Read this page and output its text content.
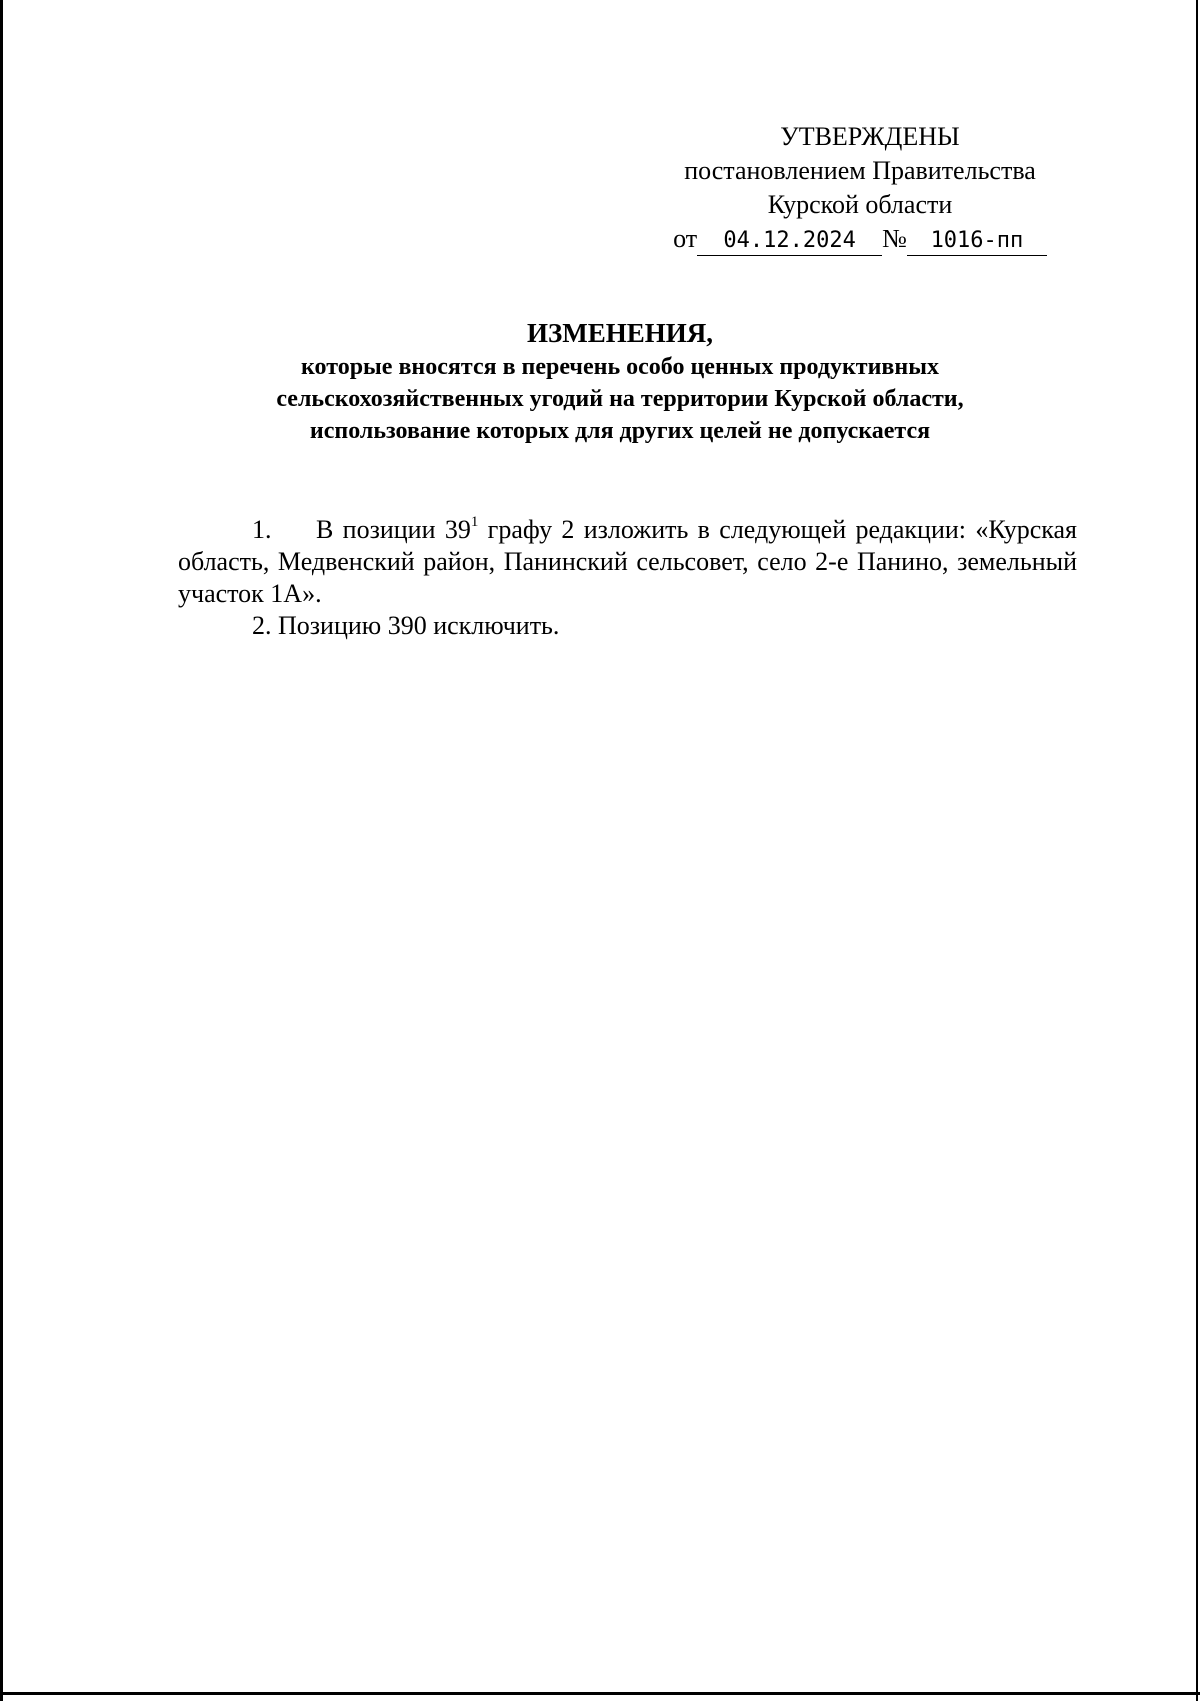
УТВЕРЖДЕНЫ
постановлением Правительства
Курской области
от 04.12.2024 № 1016-пп
ИЗМЕНЕНИЯ,
которые вносятся в перечень особо ценных продуктивных
сельскохозяйственных угодий на территории Курской области,
использование которых для других целей не допускается
1. В позиции $39^1$ графу 2 изложить в следующей редакции: «Курская область, Медвенский район, Панинский сельсовет, село 2-е Панино, земельный участок 1А».
2. Позицию 390 исключить.
